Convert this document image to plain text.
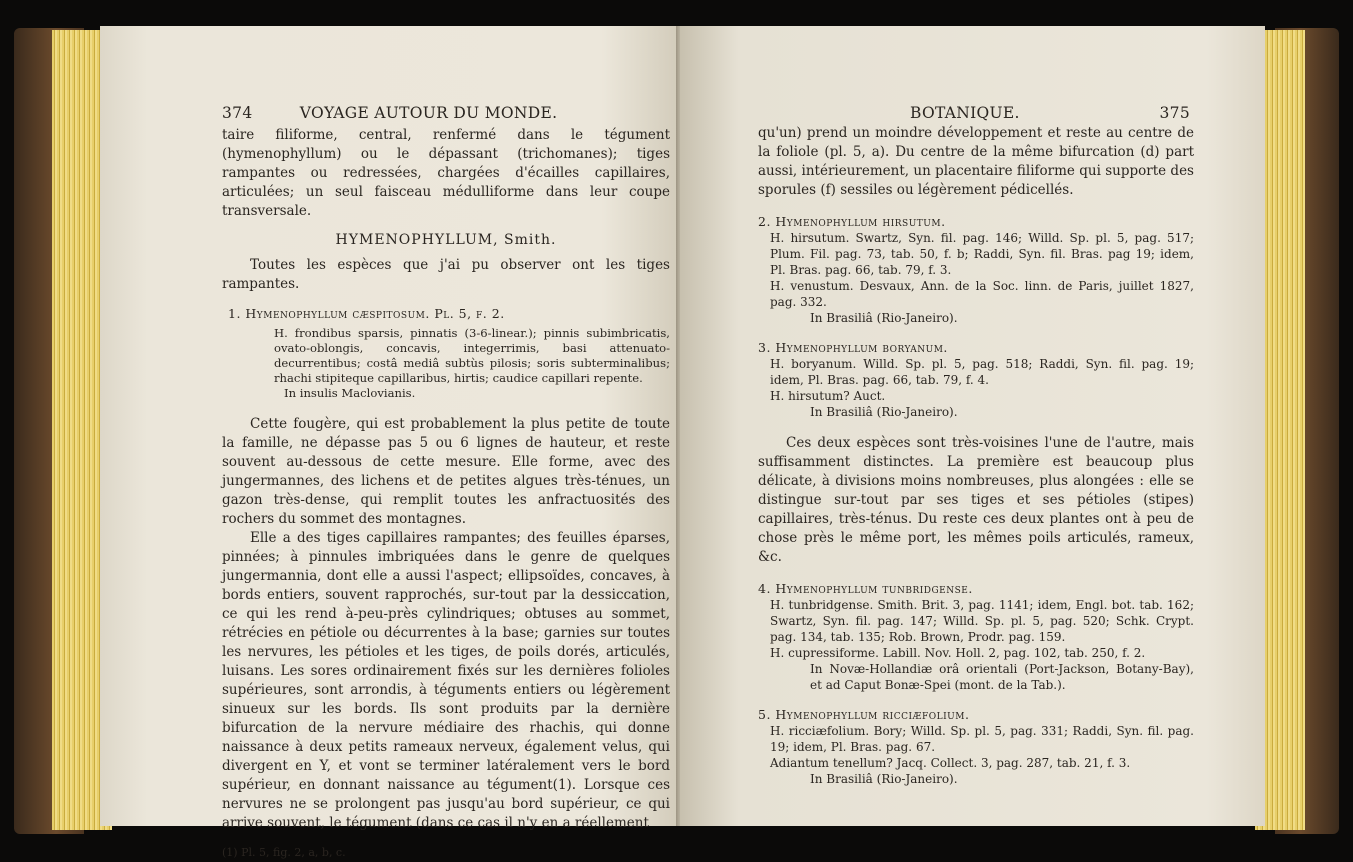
374	VOYAGE AUTOUR DU MONDE.

taire filiforme, central, renfermé dans le tégument (hymenophyllum) ou le dépassant (trichomanes); tiges rampantes ou redressées, chargées d'écailles capillaires, articulées; un seul faisceau médulliforme dans leur coupe transversale.

HYMENOPHYLLUM, Smith.

Toutes les espèces que j'ai pu observer ont les tiges rampantes.

1. Hymenophyllum cæspitosum. Pl. 5, f. 2.

H. frondibus sparsis, pinnatis (3-6-linear.); pinnis subimbricatis, ovato-oblongis, concavis, integerrimis, basi attenuato-decurrentibus; costâ mediâ subtùs pilosis; soris subterminalibus; rhachi stipiteque capillaribus, hirtis; caudice capillari repente.

In insulis Maclovianis.

Cette fougère, qui est probablement la plus petite de toute la famille, ne dépasse pas 5 ou 6 lignes de hauteur, et reste souvent au-dessous de cette mesure. Elle forme, avec des jungermannes, des lichens et de petites algues très-ténues, un gazon très-dense, qui remplit toutes les anfractuosités des rochers du sommet des montagnes.

Elle a des tiges capillaires rampantes; des feuilles éparses, pinnées; à pinnules imbriquées dans le genre de quelques jungermannia, dont elle a aussi l'aspect; ellipsoïdes, concaves, à bords entiers, souvent rapprochés, sur-tout par la dessiccation, ce qui les rend à-peu-près cylindriques; obtuses au sommet, rétrécies en pétiole ou décurrentes à la base; garnies sur toutes les nervures, les pétioles et les tiges, de poils dorés, articulés, luisans. Les sores ordinairement fixés sur les dernières folioles supérieures, sont arrondis, à téguments entiers ou légèrement sinueux sur les bords. Ils sont produits par la dernière bifurcation de la nervure médiaire des rhachis, qui donne naissance à deux petits rameaux nerveux, également velus, qui divergent en Y, et vont se terminer latéralement vers le bord supérieur, en donnant naissance au tégument(1). Lorsque ces nervures ne se prolongent pas jusqu'au bord supérieur, ce qui arrive souvent, le tégument (dans ce cas il n'y en a réellement

(1) Pl. 5, fig. 2, a, b, c.

BOTANIQUE.	375

qu'un) prend un moindre développement et reste au centre de la foliole (pl. 5, a). Du centre de la même bifurcation (d) part aussi, intérieurement, un placentaire filiforme qui supporte des sporules (f) sessiles ou légèrement pédicellés.

2. Hymenophyllum hirsutum.

H. hirsutum. Swartz, Syn. fil. pag. 146; Willd. Sp. pl. 5, pag. 517; Plum. Fil. pag. 73, tab. 50, f. b; Raddi, Syn. fil. Bras. pag 19; idem, Pl. Bras. pag. 66, tab. 79, f. 3.

H. venustum. Desvaux, Ann. de la Soc. linn. de Paris, juillet 1827, pag. 332.

In Brasiliâ (Rio-Janeiro).

3. Hymenophyllum boryanum.

H. boryanum. Willd. Sp. pl. 5, pag. 518; Raddi, Syn. fil. pag. 19; idem, Pl. Bras. pag. 66, tab. 79, f. 4.

H. hirsutum? Auct.

In Brasiliâ (Rio-Janeiro).

Ces deux espèces sont très-voisines l'une de l'autre, mais suffisamment distinctes. La première est beaucoup plus délicate, à divisions moins nombreuses, plus alongées : elle se distingue sur-tout par ses tiges et ses pétioles (stipes) capillaires, très-ténus. Du reste ces deux plantes ont à peu de chose près le même port, les mêmes poils articulés, rameux, &c.

4. Hymenophyllum tunbridgense.

H. tunbridgense. Smith. Brit. 3, pag. 1141; idem, Engl. bot. tab. 162; Swartz, Syn. fil. pag. 147; Willd. Sp. pl. 5, pag. 520; Schk. Crypt. pag. 134, tab. 135; Rob. Brown, Prodr. pag. 159.

H. cupressiforme. Labill. Nov. Holl. 2, pag. 102, tab. 250, f. 2.

In Novæ-Hollandiæ orâ orientali (Port-Jackson, Botany-Bay), et ad Caput Bonæ-Spei (mont. de la Tab.).

5. Hymenophyllum ricciæfolium.

H. ricciæfolium. Bory; Willd. Sp. pl. 5, pag. 331; Raddi, Syn. fil. pag. 19; idem, Pl. Bras. pag. 67.

Adiantum tenellum? Jacq. Collect. 3, pag. 287, tab. 21, f. 3.

In Brasiliâ (Rio-Janeiro).
